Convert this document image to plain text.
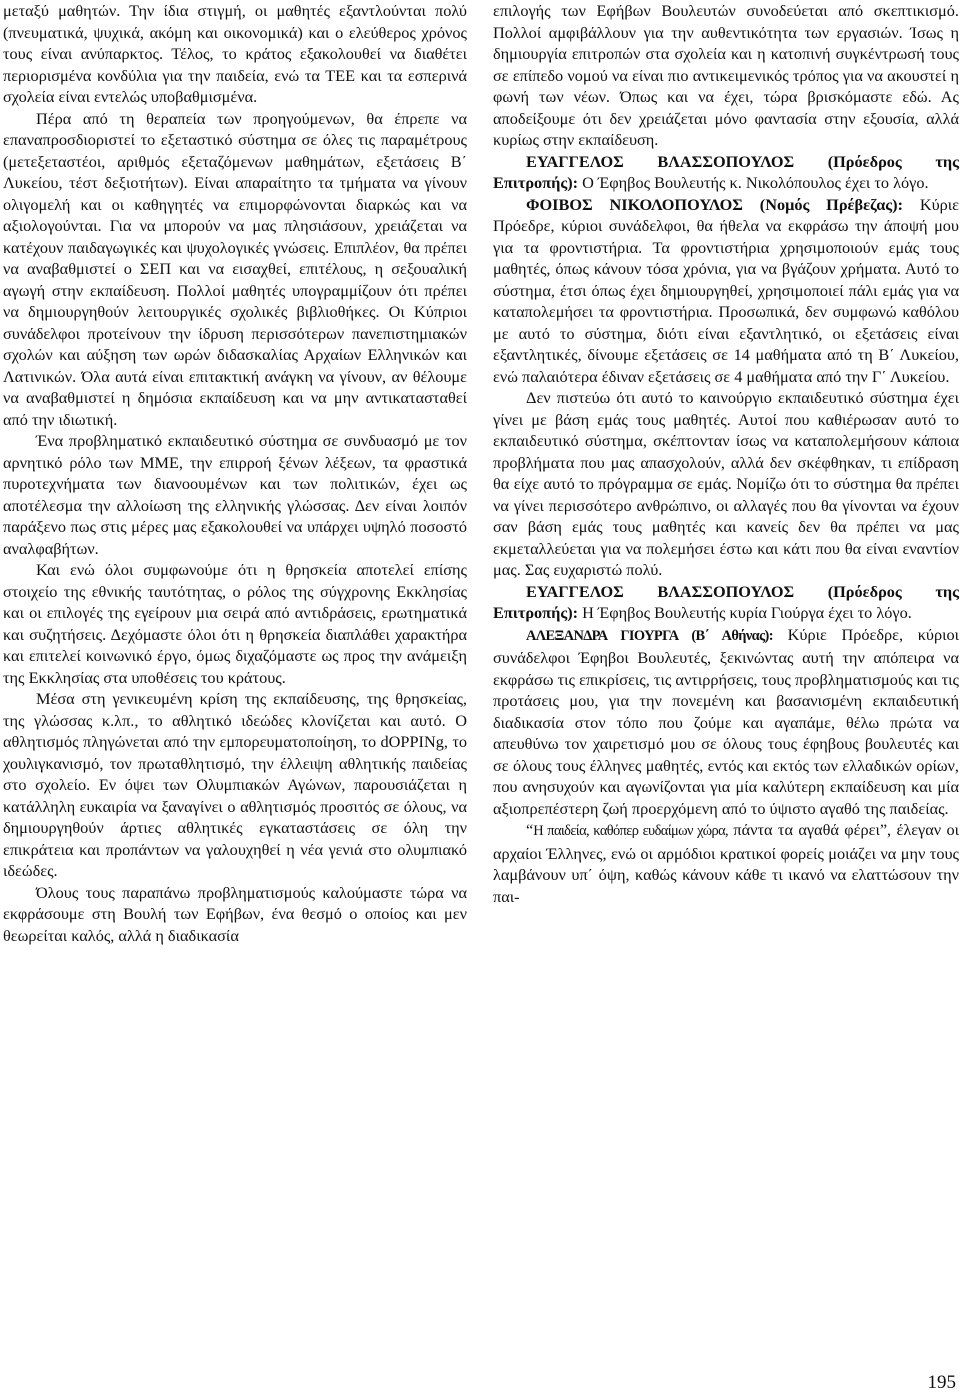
μεταξύ μαθητών. Την ίδια στιγμή, οι μαθητές εξαντλούνται πολύ (πνευματικά, ψυχικά, ακόμη και οικονομικά) και ο ελεύθερος χρόνος τους είναι ανύπαρκτος. Τέλος, το κράτος εξακολουθεί να διαθέτει περιορισμένα κονδύλια για την παιδεία, ενώ τα ΤΕΕ και τα εσπερινά σχολεία είναι εντελώς υποβαθμισμένα.

Πέρα από τη θεραπεία των προηγούμενων, θα έπρεπε να επαναπροσδιοριστεί το εξεταστικό σύστημα σε όλες τις παραμέτρους (μετεξεταστέοι, αριθμός εξεταζόμενων μαθημάτων, εξετάσεις Β΄ Λυκείου, τέστ δεξιοτήτων). Είναι απαραίτητο τα τμήματα να γίνουν ολιγομελή και οι καθηγητές να επιμορφώνονται διαρκώς και να αξιολογούνται. Για να μπορούν να μας πλησιάσουν, χρειάζεται να κατέχουν παιδαγωγικές και ψυχολογικές γνώσεις. Επιπλέον, θα πρέπει να αναβαθμιστεί ο ΣΕΠ και να εισαχθεί, επιτέλους, η σεξουαλική αγωγή στην εκπαίδευση. Πολλοί μαθητές υπογραμμίζουν ότι πρέπει να δημιουργηθούν λειτουργικές σχολικές βιβλιοθήκες. Οι Κύπριοι συνάδελφοι προτείνουν την ίδρυση περισσότερων πανεπιστημιακών σχολών και αύξηση των ωρών διδασκαλίας Αρχαίων Ελληνικών και Λατινικών. Όλα αυτά είναι επιτακτική ανάγκη να γίνουν, αν θέλουμε να αναβαθμιστεί η δημόσια εκπαίδευση και να μην αντικατασταθεί από την ιδιωτική.

Ένα προβληματικό εκπαιδευτικό σύστημα σε συνδυασμό με τον αρνητικό ρόλο των ΜΜΕ, την επιρροή ξένων λέξεων, τα φραστικά πυροτεχνήματα των διανοουμένων και των πολιτικών, έχει ως αποτέλεσμα την αλλοίωση της ελληνικής γλώσσας. Δεν είναι λοιπόν παράξενο πως στις μέρες μας εξακολουθεί να υπάρχει υψηλό ποσοστό αναλφαβήτων.

Και ενώ όλοι συμφωνούμε ότι η θρησκεία αποτελεί επίσης στοιχείο της εθνικής ταυτότητας, ο ρόλος της σύγχρονης Εκκλησίας και οι επιλογές της εγείρουν μια σειρά από αντιδράσεις, ερωτηματικά και συζητήσεις. Δεχόμαστε όλοι ότι η θρησκεία διαπλάθει χαρακτήρα και επιτελεί κοινωνικό έργο, όμως διχαζόμαστε ως προς την ανάμειξη της Εκκλησίας στα υποθέσεις του κράτους.

Μέσα στη γενικευμένη κρίση της εκπαίδευσης, της θρησκείας, της γλώσσας κ.λπ., το αθλητικό ιδεώδες κλονίζεται και αυτό. Ο αθλητισμός πληγώνεται από την εμπορευματοποίηση, το dOPPINg, το χουλιγκανισμό, τον πρωταθλητισμό, την έλλειψη αθλητικής παιδείας στο σχολείο. Εν όψει των Ολυμπιακών Αγώνων, παρουσιάζεται η κατάλληλη ευκαιρία να ξαναγίνει ο αθλητισμός προσιτός σε όλους, να δημιουργηθούν άρτιες αθλητικές εγκαταστάσεις σε όλη την επικράτεια και προπάντων να γαλουχηθεί η νέα γενιά στο ολυμπιακό ιδεώδες.

Όλους τους παραπάνω προβληματισμούς καλούμαστε τώρα να εκφράσουμε στη Βουλή των Εφήβων, ένα θεσμό ο οποίος και μεν θεωρείται καλός, αλλά η διαδικασία

επιλογής των Εφήβων Βουλευτών συνοδεύεται από σκεπτικισμό. Πολλοί αμφιβάλλουν για την αυθεντικότητα των εργασιών. Ίσως η δημιουργία επιτροπών στα σχολεία και η κατοπινή συγκέντρωσή τους σε επίπεδο νομού να είναι πιο αντικειμενικός τρόπος για να ακουστεί η φωνή των νέων. Όπως και να έχει, τώρα βρισκόμαστε εδώ. Ας αποδείξουμε ότι δεν χρειάζεται μόνο φαντασία στην εξουσία, αλλά κυρίως στην εκπαίδευση.

ΕΥΑΓΓΕΛΟΣ ΒΛΑΣΣΟΠΟΥΛΟΣ (Πρόεδρος της Επιτροπής): Ο Έφηβος Βουλευτής κ. Νικολόπουλος έχει το λόγο.

ΦΟΙΒΟΣ ΝΙΚΟΛΟΠΟΥΛΟΣ (Νομός Πρέβεζας): Κύριε Πρόεδρε, κύριοι συνάδελφοι, θα ήθελα να εκφράσω την άποψή μου για τα φροντιστήρια. Τα φροντιστήρια χρησιμοποιούν εμάς τους μαθητές, όπως κάνουν τόσα χρόνια, για να βγάζουν χρήματα. Αυτό το σύστημα, έτσι όπως έχει δημιουργηθεί, χρησιμοποιεί πάλι εμάς για να καταπολεμήσει τα φροντιστήρια. Προσωπικά, δεν συμφωνώ καθόλου με αυτό το σύστημα, διότι είναι εξαντλητικό, οι εξετάσεις είναι εξαντλητικές, δίνουμε εξετάσεις σε 14 μαθήματα από τη Β΄ Λυκείου, ενώ παλαιότερα έδιναν εξετάσεις σε 4 μαθήματα από την Γ΄ Λυκείου.

Δεν πιστεύω ότι αυτό το καινούργιο εκπαιδευτικό σύστημα έχει γίνει με βάση εμάς τους μαθητές. Αυτοί που καθιέρωσαν αυτό το εκπαιδευτικό σύστημα, σκέπτονταν ίσως να καταπολεμήσουν κάποια προβλήματα που μας απασχολούν, αλλά δεν σκέφθηκαν, τι επίδραση θα είχε αυτό το πρόγραμμα σε εμάς. Νομίζω ότι το σύστημα θα πρέπει να γίνει περισσότερο ανθρώπινο, οι αλλαγές που θα γίνονται να έχουν σαν βάση εμάς τους μαθητές και κανείς δεν θα πρέπει να μας εκμεταλλεύεται για να πολεμήσει έστω και κάτι που θα είναι εναντίον μας. Σας ευχαριστώ πολύ.

ΕΥΑΓΓΕΛΟΣ ΒΛΑΣΣΟΠΟΥΛΟΣ (Πρόεδρος της Επιτροπής): Η Έφηβος Βουλευτής κυρία Γιούργα έχει το λόγο.

ΑΛΕΞΑΝΔΡΑ ΓΙΟΥΡΓΑ (Β΄ Αθήνας): Κύριε Πρόεδρε, κύριοι συνάδελφοι Έφηβοι Βουλευτές, ξεκινώντας αυτή την απόπειρα να εκφράσω τις επικρίσεις, τις αντιρρήσεις, τους προβληματισμούς και τις προτάσεις μου, για την πονεμένη και βασανισμένη εκπαιδευτική διαδικασία στον τόπο που ζούμε και αγαπάμε, θέλω πρώτα να απευθύνω τον χαιρετισμό μου σε όλους τους έφηβους βουλευτές και σε όλους τους έλληνες μαθητές, εντός και εκτός των ελλαδικών ορίων, που ανησυχούν και αγωνίζονται για μία καλύτερη εκπαίδευση και μία αξιοπρεπέστερη ζωή προερχόμενη από το ύψιστο αγαθό της παιδείας.

“Η παιδεία, καθόπερ ευδαίμων χώρα, πάντα τα αγαθά φέρει”, έλεγαν οι αρχαίοι Έλληνες, ενώ οι αρμόδιοι κρατικοί φορείς μοιάζει να μην τους λαμβάνουν υπ΄ όψη, καθώς κάνουν κάθε τι ικανό να ελαττώσουν την παι-

195
